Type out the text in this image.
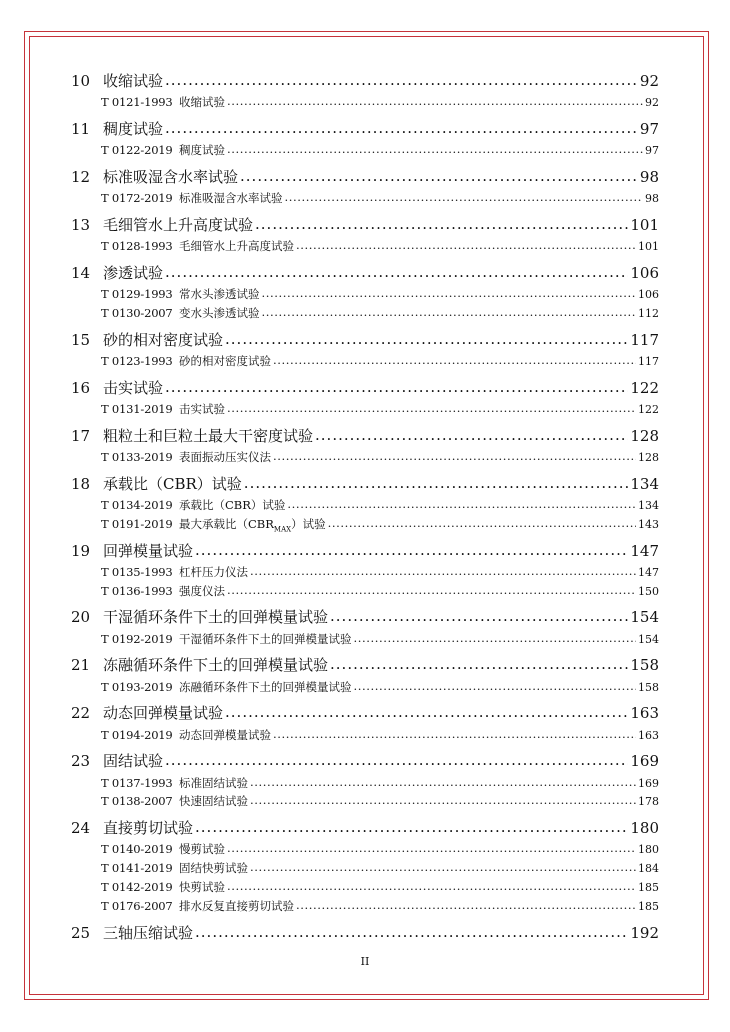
10 收缩试验 .....	92
T 0121-1993 收缩试验 .....	92
11 稠度试验 .....	97
T 0122-2019 稠度试验 .....	97
12 标准吸湿含水率试验 .....	98
T 0172-2019 标准吸湿含水率试验 .....	98
13 毛细管水上升高度试验 .....	101
T 0128-1993 毛细管水上升高度试验 .....	101
14 渗透试验 .....	106
T 0129-1993 常水头渗透试验 .....	106
T 0130-2007 变水头渗透试验 .....	112
15 砂的相对密度试验 .....	117
T 0123-1993 砂的相对密度试验 .....	117
16 击实试验 .....	122
T 0131-2019 击实试验 .....	122
17 粗粒土和巨粒土最大干密度试验 .....	128
T 0133-2019 表面振动压实仪法 .....	128
18 承载比（CBR）试验 .....	134
T 0134-2019 承载比（CBR）试验 .....	134
T 0191-2019 最大承载比$(CBR_{MAX})$试验 .....	143
19 回弹模量试验 .....	147
T 0135-1993 杠杆压力仪法 .....	147
T 0136-1993 强度仪法 .....	150
20 干湿循环条件下土的回弹模量试验 .....	154
T 0192-2019 干湿循环条件下土的回弹模量试验 .....	154
21 冻融循环条件下土的回弹模量试验 .....	158
T 0193-2019 冻融循环条件下土的回弹模量试验 .....	158
22 动态回弹模量试验 .....	163
T 0194-2019 动态回弹模量试验 .....	163
23 固结试验 .....	169
T 0137-1993 标准固结试验 .....	169
T 0138-2007 快速固结试验 .....	178
24 直接剪切试验 .....	180
T 0140-2019 慢剪试验 .....	180
T 0141-2019 固结快剪试验 .....	184
T 0142-2019 快剪试验 .....	185
T 0176-2007 排水反复直接剪切试验 .....	185
25 三轴压缩试验 .....	192
II
